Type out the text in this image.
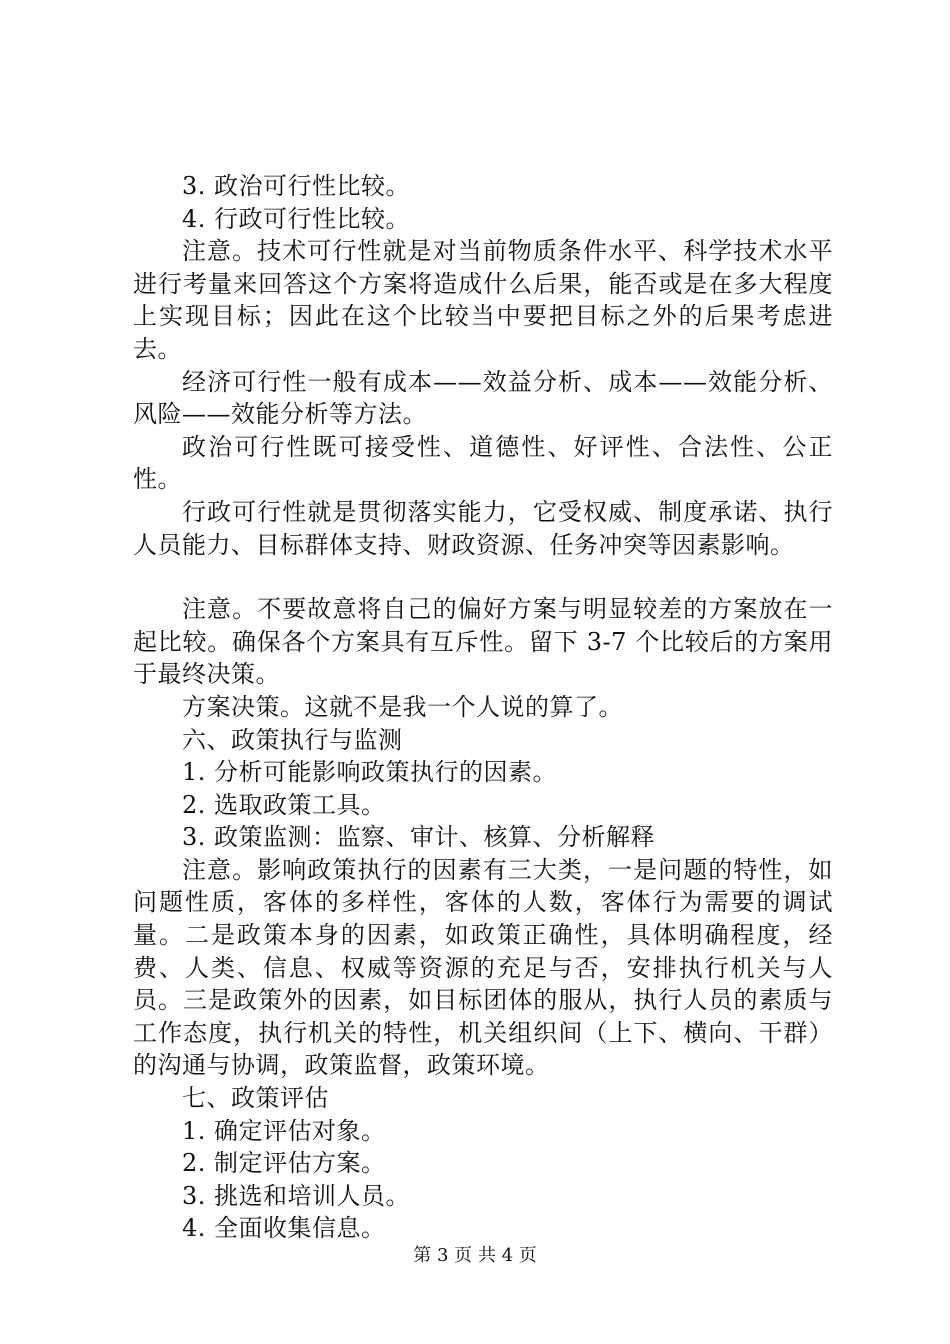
3. 政治可行性比较。

4. 行政可行性比较。

注意。技术可行性就是对当前物质条件水平、科学技术水平进行考量来回答这个方案将造成什么后果，能否或是在多大程度上实现目标；因此在这个比较当中要把目标之外的后果考虑进去。

经济可行性一般有成本——效益分析、成本——效能分析、风险——效能分析等方法。

政治可行性既可接受性、道德性、好评性、合法性、公正性。

行政可行性就是贯彻落实能力，它受权威、制度承诺、执行人员能力、目标群体支持、财政资源、任务冲突等因素影响。

注意。不要故意将自己的偏好方案与明显较差的方案放在一起比较。确保各个方案具有互斥性。留下 3-7 个比较后的方案用于最终决策。

方案决策。这就不是我一个人说的算了。

六、政策执行与监测

1. 分析可能影响政策执行的因素。

2. 选取政策工具。

3. 政策监测：监察、审计、核算、分析解释

注意。影响政策执行的因素有三大类，一是问题的特性，如问题性质，客体的多样性，客体的人数，客体行为需要的调试量。二是政策本身的因素，如政策正确性，具体明确程度，经费、人类、信息、权威等资源的充足与否，安排执行机关与人员。三是政策外的因素，如目标团体的服从，执行人员的素质与工作态度，执行机关的特性，机关组织间（上下、横向、干群）的沟通与协调，政策监督，政策环境。

七、政策评估

1. 确定评估对象。

2. 制定评估方案。

3. 挑选和培训人员。

4. 全面收集信息。

第 3 页 共 4 页
